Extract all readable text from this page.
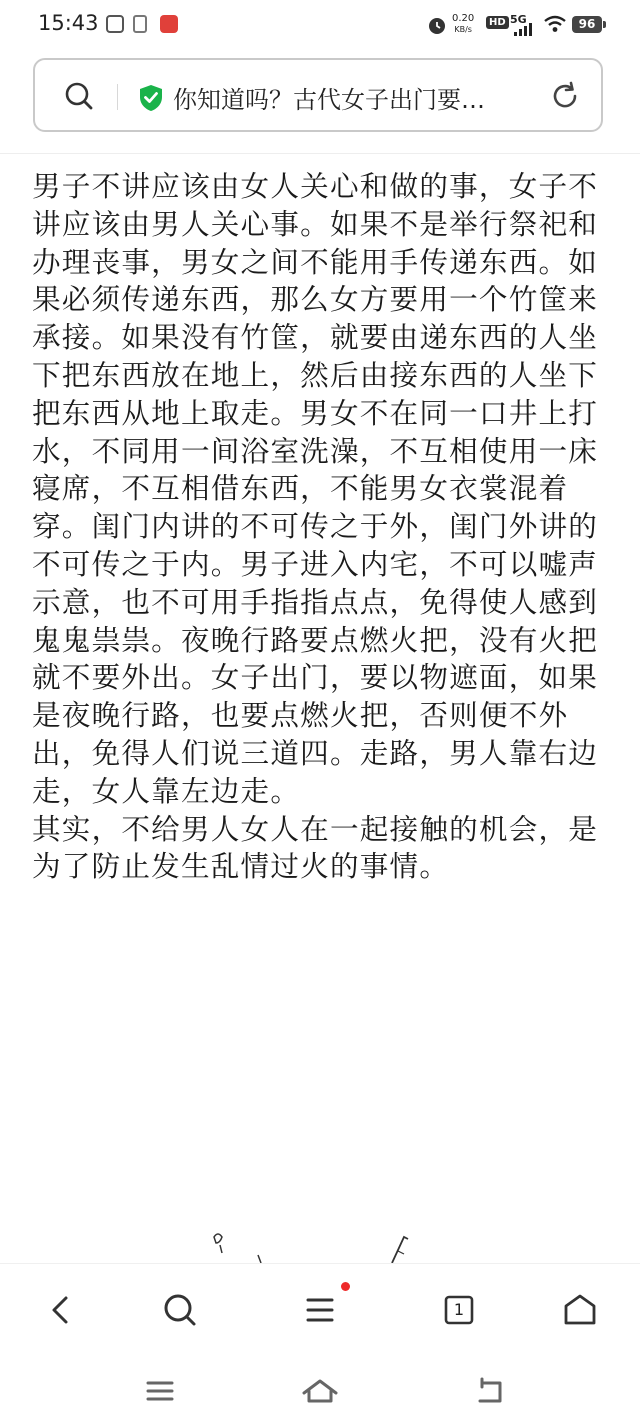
15:43	0.20
KB/s
HD 5G	96
你知道吗？古代女子出门要…

男子不讲应该由女人关心和做的事，女子不讲应该由男人关心事。如果不是举行祭祀和办理丧事，男女之间不能用手传递东西。如果必须传递东西，那么女方要用一个竹筐来承接。如果没有竹筐，就要由递东西的人坐下把东西放在地上，然后由接东西的人坐下把东西从地上取走。男女不在同一口井上打水，不同用一间浴室洗澡，不互相使用一床寝席，不互相借东西，不能男女衣裳混着穿。闺门内讲的不可传之于外，闺门外讲的不可传之于内。男子进入内宅，不可以嘘声示意，也不可用手指指点点，免得使人感到鬼鬼祟祟。夜晚行路要点燃火把，没有火把就不要外出。女子出门，要以物遮面，如果是夜晚行路，也要点燃火把，否则便不外出，免得人们说三道四。走路，男人靠右边走，女人靠左边走。

其实，不给男人女人在一起接触的机会，是为了防止发生乱情过火的事情。

1
